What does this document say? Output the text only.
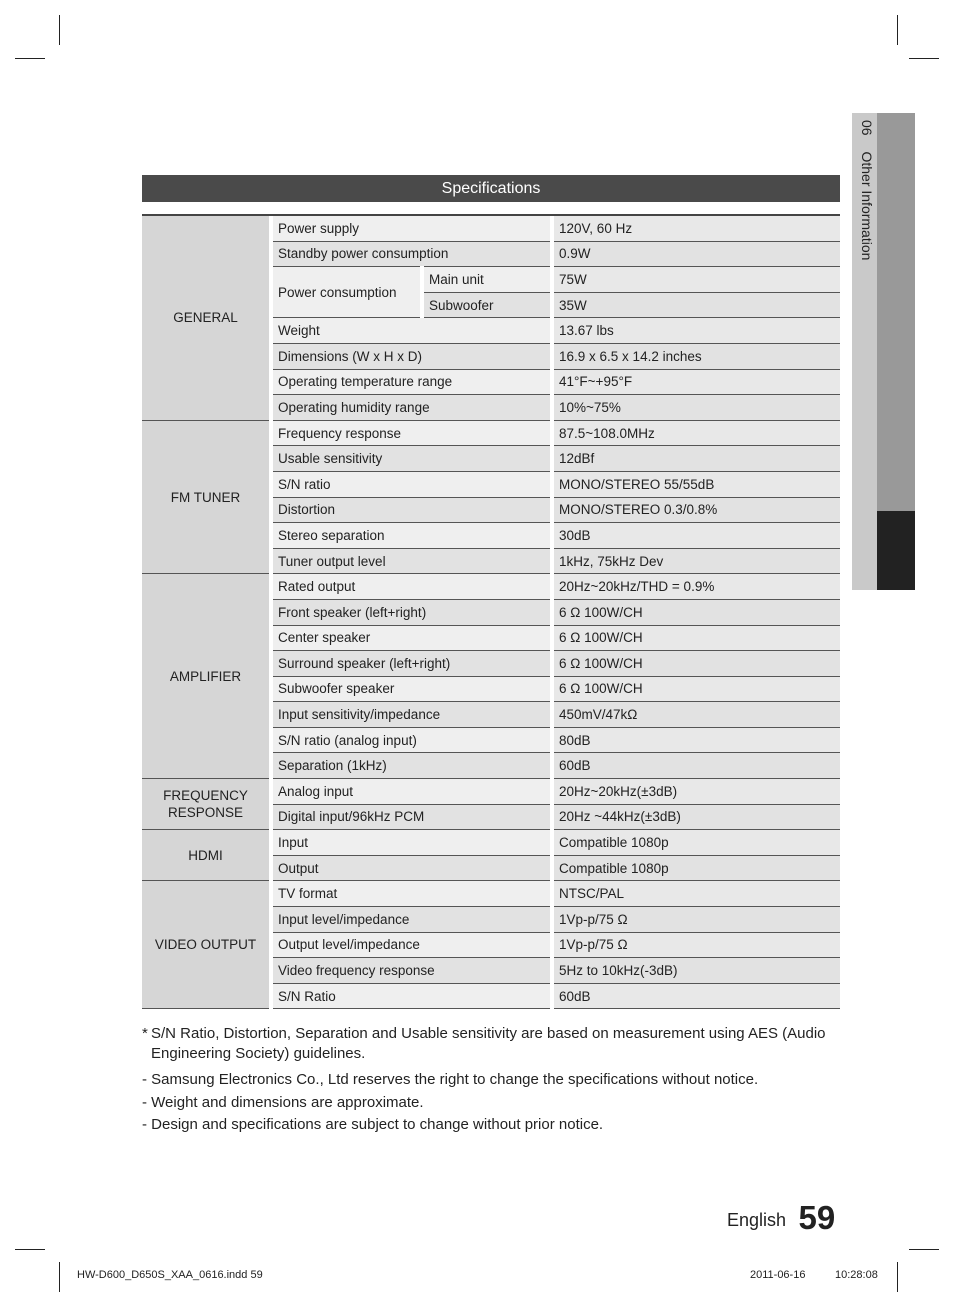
06 Other Information
Specifications
GENERAL	Power supply		120V, 60 Hz
	Standby power consumption		0.9W
	Power consumption	Main unit	75W
		Subwoofer	35W
	Weight		13.67 lbs
	Dimensions (W x H x D)		16.9 x 6.5 x 14.2 inches
	Operating temperature range		41°F~+95°F
	Operating humidity range		10%~75%
FM TUNER	Frequency response		87.5~108.0MHz
	Usable sensitivity		12dBf
	S/N ratio		MONO/STEREO 55/55dB
	Distortion		MONO/STEREO 0.3/0.8%
	Stereo separation		30dB
	Tuner output level		1kHz, 75kHz Dev
AMPLIFIER	Rated output		20Hz~20kHz/THD = 0.9%
	Front speaker (left+right)		6 Ω 100W/CH
	Center speaker		6 Ω 100W/CH
	Surround speaker (left+right)		6 Ω 100W/CH
	Subwoofer speaker		6 Ω 100W/CH
	Input sensitivity/impedance		450mV/47kΩ
	S/N ratio (analog input)		80dB
	Separation (1kHz)		60dB
FREQUENCY
RESPONSE	Analog input		20Hz~20kHz(±3dB)
	Digital input/96kHz PCM		20Hz ~44kHz(±3dB)
HDMI	Input		Compatible 1080p
	Output		Compatible 1080p
VIDEO OUTPUT	TV format		NTSC/PAL
	Input level/impedance		1Vp-p/75 Ω
	Output level/impedance		1Vp-p/75 Ω
	Video frequency response		5Hz to 10kHz(-3dB)
	S/N Ratio		60dB
* S/N Ratio, Distortion, Separation and Usable sensitivity are based on measurement using AES (Audio Engineering Society) guidelines.
- Samsung Electronics Co., Ltd reserves the right to change the specifications without notice.
- Weight and dimensions are approximate.
- Design and specifications are subject to change without prior notice.
English 59
HW-D600_D650S_XAA_0616.indd 59	2011-06-16	10:28:08
